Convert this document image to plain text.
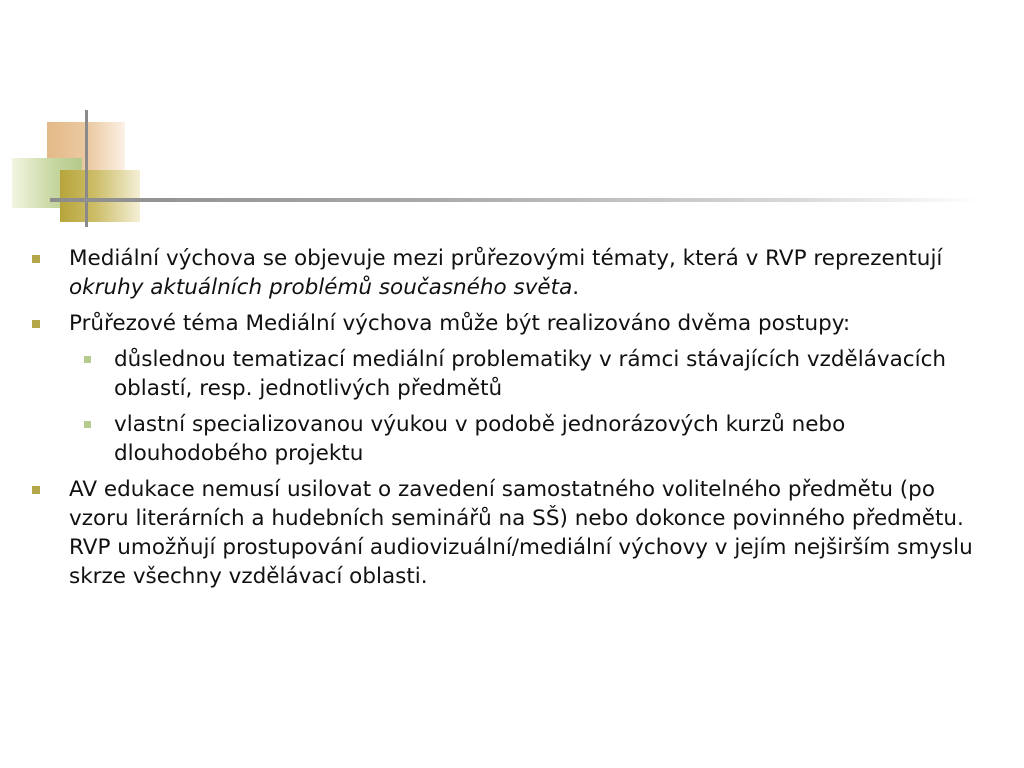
Mediální výchova se objevuje mezi průřezovými tématy, která v RVP reprezentují okruhy aktuálních problémů současného světa.
Průřezové téma Mediální výchova může být realizováno dvěma postupy:
důslednou tematizací mediální problematiky v rámci stávajících vzdělávacích oblastí, resp. jednotlivých předmětů
vlastní specializovanou výukou v podobě jednorázových kurzů nebo dlouhodobého projektu
AV edukace nemusí usilovat o zavedení samostatného volitelného předmětu (po vzoru literárních a hudebních seminářů na SŠ) nebo dokonce povinného předmětu. RVP umožňují prostupování audiovizuální/mediální výchovy v jejím nejširším smyslu skrze všechny vzdělávací oblasti.
